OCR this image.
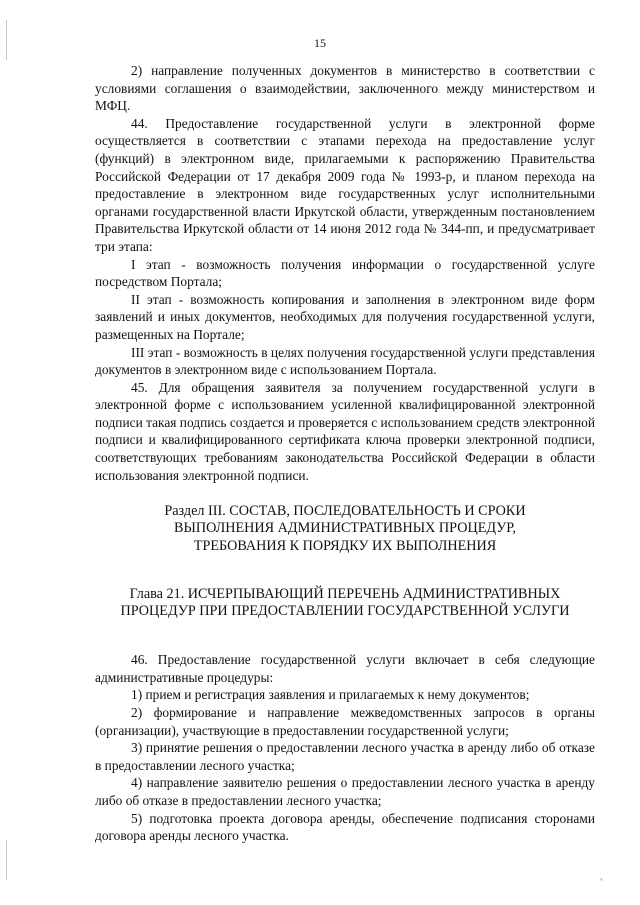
15

2) направление полученных документов в министерство в соответствии с условиями соглашения о взаимодействии, заключенного между министерством и МФЦ.

44. Предоставление государственной услуги в электронной форме осуществляется в соответствии с этапами перехода на предоставление услуг (функций) в электронном виде, прилагаемыми к распоряжению Правительства Российской Федерации от 17 декабря 2009 года № 1993-р, и планом перехода на предоставление в электронном виде государственных услуг исполнительными органами государственной власти Иркутской области, утвержденным постановлением Правительства Иркутской области от 14 июня 2012 года № 344-пп, и предусматривает три этапа:

I этап - возможность получения информации о государственной услуге посредством Портала;

II этап - возможность копирования и заполнения в электронном виде форм заявлений и иных документов, необходимых для получения государственной услуги, размещенных на Портале;

III этап - возможность в целях получения государственной услуги представления документов в электронном виде с использованием Портала.

45. Для обращения заявителя за получением государственной услуги в электронной форме с использованием усиленной квалифицированной электронной подписи такая подпись создается и проверяется с использованием средств электронной подписи и квалифицированного сертификата ключа проверки электронной подписи, соответствующих требованиям законодательства Российской Федерации в области использования электронной подписи.

Раздел III. СОСТАВ, ПОСЛЕДОВАТЕЛЬНОСТЬ И СРОКИ
ВЫПОЛНЕНИЯ АДМИНИСТРАТИВНЫХ ПРОЦЕДУР,
ТРЕБОВАНИЯ К ПОРЯДКУ ИХ ВЫПОЛНЕНИЯ

Глава 21. ИСЧЕРПЫВАЮЩИЙ ПЕРЕЧЕНЬ АДМИНИСТРАТИВНЫХ
ПРОЦЕДУР ПРИ ПРЕДОСТАВЛЕНИИ ГОСУДАРСТВЕННОЙ УСЛУГИ

46. Предоставление государственной услуги включает в себя следующие административные процедуры:

1) прием и регистрация заявления и прилагаемых к нему документов;

2) формирование и направление межведомственных запросов в органы (организации), участвующие в предоставлении государственной услуги;

3) принятие решения о предоставлении лесного участка в аренду либо об отказе в предоставлении лесного участка;

4) направление заявителю решения о предоставлении лесного участка в аренду либо об отказе в предоставлении лесного участка;

5) подготовка проекта договора аренды, обеспечение подписания сторонами договора аренды лесного участка.

'
